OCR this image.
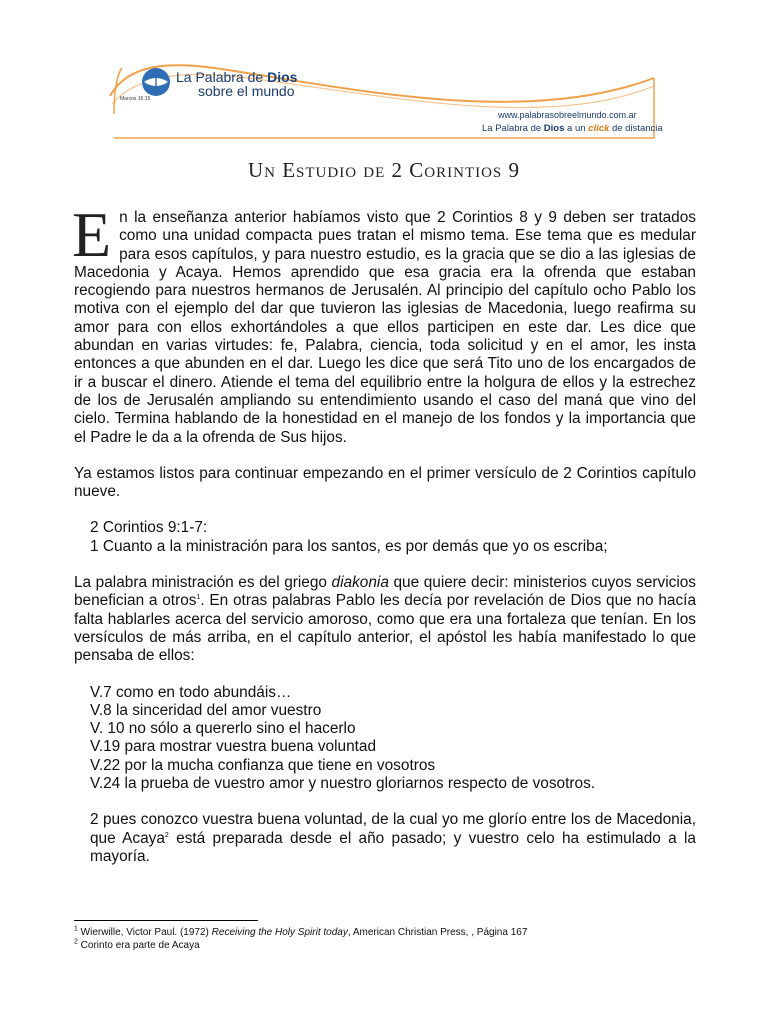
La Palabra de Dios
sobre el mundo
Marcos 16:15
www.palabrasobreelmundo.com.ar
La Palabra de Dios a un click de distancia
Un Estudio de 2 Corintios 9

En la enseñanza anterior habíamos visto que 2 Corintios 8 y 9 deben ser tratados como una unidad compacta pues tratan el mismo tema. Ese tema que es medular para esos capítulos, y para nuestro estudio, es la gracia que se dio a las iglesias de Macedonia y Acaya. Hemos aprendido que esa gracia era la ofrenda que estaban recogiendo para nuestros hermanos de Jerusalén. Al principio del capítulo ocho Pablo los motiva con el ejemplo del dar que tuvieron las iglesias de Macedonia, luego reafirma su amor para con ellos exhortándoles a que ellos participen en este dar. Les dice que abundan en varias virtudes: fe, Palabra, ciencia, toda solicitud y en el amor, les insta entonces a que abunden en el dar. Luego les dice que será Tito uno de los encargados de ir a buscar el dinero. Atiende el tema del equilibrio entre la holgura de ellos y la estrechez de los de Jerusalén ampliando su entendimiento usando el caso del maná que vino del cielo. Termina hablando de la honestidad en el manejo de los fondos y la importancia que el Padre le da a la ofrenda de Sus hijos.

Ya estamos listos para continuar empezando en el primer versículo de 2 Corintios capítulo nueve.

2 Corintios 9:1-7:

1 Cuanto a la ministración para los santos, es por demás que yo os escriba;

La palabra ministración es del griego diakonia que quiere decir: ministerios cuyos servicios benefician a otros$^1$. En otras palabras Pablo les decía por revelación de Dios que no hacía falta hablarles acerca del servicio amoroso, como que era una fortaleza que tenían. En los versículos de más arriba, en el capítulo anterior, el apóstol les había manifestado lo que pensaba de ellos:

V.7 como en todo abundáis…

V.8 la sinceridad del amor vuestro

V. 10 no sólo a quererlo sino el hacerlo

V.19 para mostrar vuestra buena voluntad

V.22 por la mucha confianza que tiene en vosotros

V.24 la prueba de vuestro amor y nuestro gloriarnos respecto de vosotros.

2 pues conozco vuestra buena voluntad, de la cual yo me glorío entre los de Macedonia, que Acaya$^2$ está preparada desde el año pasado; y vuestro celo ha estimulado a la mayoría.

$^1$ Wierwille, Victor Paul. (1972) Receiving the Holy Spirit today, American Christian Press, , Página 167
$^2$ Corinto era parte de Acaya
